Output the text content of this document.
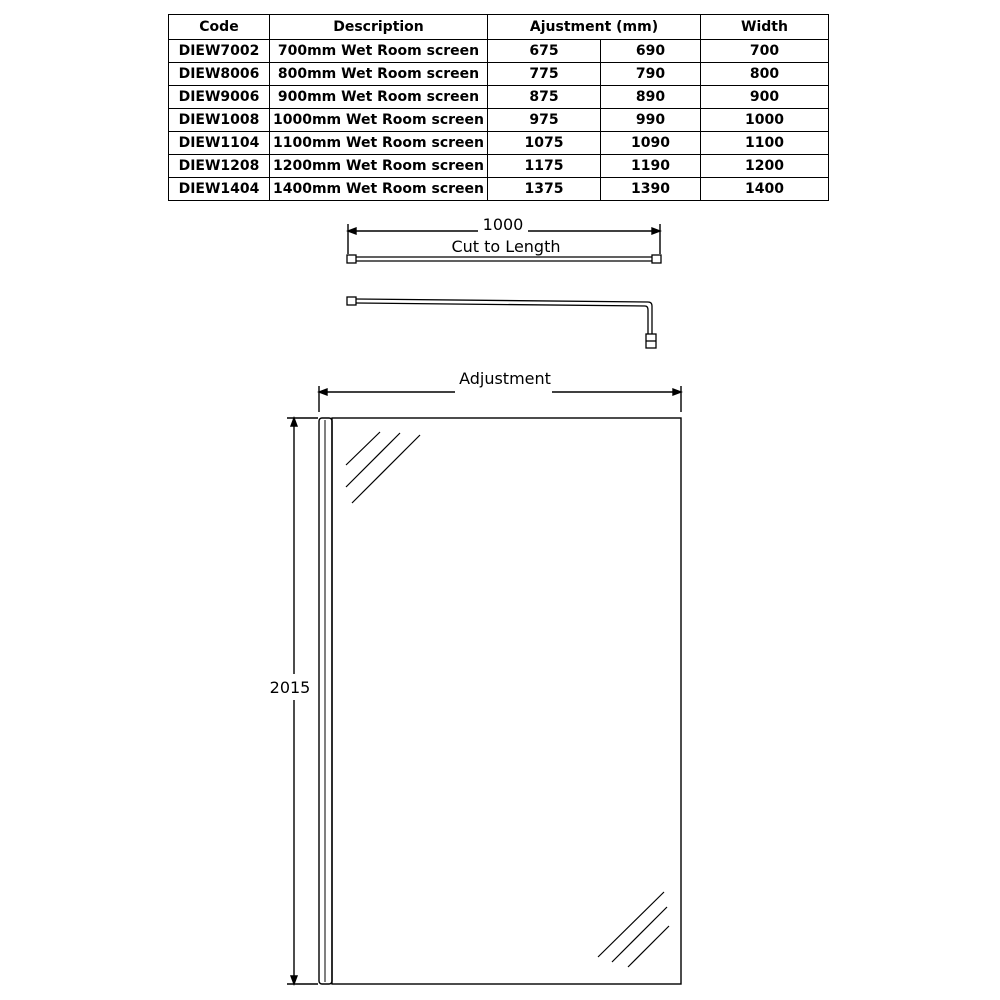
1000
Cut to Length
Adjustment
2015
Code	Description	Ajustment (mm)		Width
DIEW7002	700mm Wet Room screen	675	690	700
DIEW8006	800mm Wet Room screen	775	790	800
DIEW9006	900mm Wet Room screen	875	890	900
DIEW1008	1000mm Wet Room screen	975	990	1000
DIEW1104	1100mm Wet Room screen	1075	1090	1100
DIEW1208	1200mm Wet Room screen	1175	1190	1200
DIEW1404	1400mm Wet Room screen	1375	1390	1400
